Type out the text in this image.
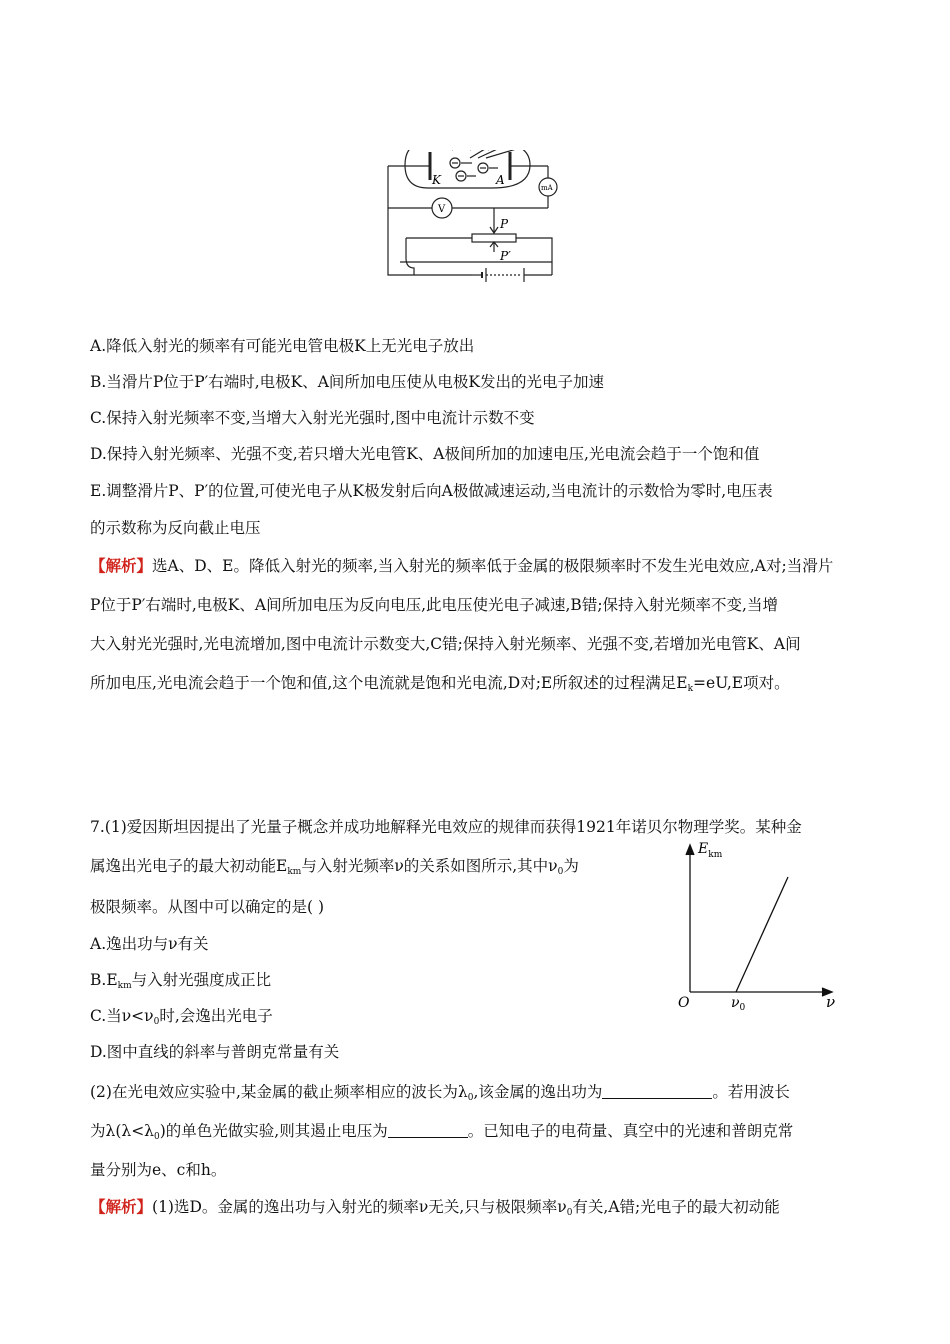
K	A
mA
V
P
P′
A.降低入射光的频率有可能光电管电极K上无光电子放出
B.当滑片P位于P′右端时,电极K、A间所加电压使从电极K发出的光电子加速
C.保持入射光频率不变,当增大入射光光强时,图中电流计示数不变
D.保持入射光频率、光强不变,若只增大光电管K、A极间所加的加速电压,光电流会趋于一个饱和值
E.调整滑片P、P′的位置,可使光电子从K极发射后向A极做减速运动,当电流计的示数恰为零时,电压表
的示数称为反向截止电压
【解析】选A、D、E。降低入射光的频率,当入射光的频率低于金属的极限频率时不发生光电效应,A对;当滑片
P位于P′右端时,电极K、A间所加电压为反向电压,此电压使光电子减速,B错;保持入射光频率不变,当增
大入射光光强时,光电流增加,图中电流计示数变大,C错;保持入射光频率、光强不变,若增加光电管K、A间
所加电压,光电流会趋于一个饱和值,这个电流就是饱和光电流,D对;E所叙述的过程满足$E_k=eU,E$项对。
7.(1)爱因斯坦因提出了光量子概念并成功地解释光电效应的规律而获得1921年诺贝尔物理学奖。某种金
属逸出光电子的最大初动能$E_{km}$与入射光频率ν的关系如图所示,其中$\nu_0$为
极限频率。从图中可以确定的是( )
A.逸出功与ν有关
$B.E_{km}$与入射光强度成正比
C.当$\nu<\nu_0$时,会逸出光电子
D.图中直线的斜率与普朗克常量有关
(2)在光电效应实验中,某金属的截止频率相应的波长为$\lambda_0$,该金属的逸出功为	。若用波长
为$\lambda(\lambda<\lambda_0)$的单色光做实验,则其遏止电压为	。已知电子的电荷量、真空中的光速和普朗克常
量分别为e、c和h。
【解析】(1)选D。金属的逸出功与入射光的频率ν无关,只与极限频率$\nu_0$有关,A错;光电子的最大初动能
$E_{km}$
ν
O	$\nu_0$
